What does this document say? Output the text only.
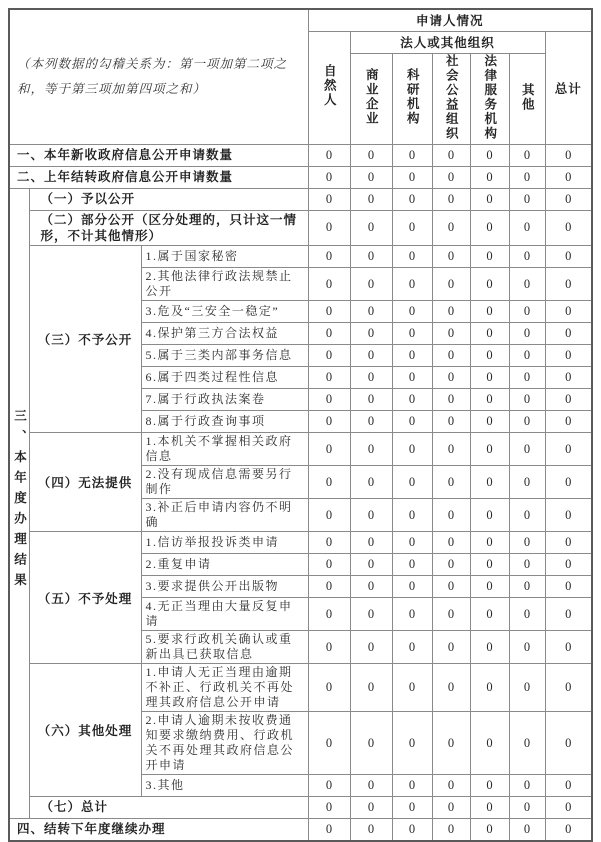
（本列数据的勾稽关系为：第一项加第二项之和，等于第三项加第四项之和）			申请人情况						
			自然人	法人或其他组织					总计
				商业企业	科研机构	社会公益组织	法律服务机构	其他	
一、本年新收政府信息公开申请数量			0	0	0	0	0	0	0
二、上年结转政府信息公开申请数量			0	0	0	0	0	0	0
三、本年度办理结果	（一）予以公开		0	0	0	0	0	0	0
	（二）部分公开（区分处理的，只计这一情形，不计其他情形）		0	0	0	0	0	0	0
	（三）不予公开	1.属于国家秘密	0	0	0	0	0	0	0
		2.其他法律行政法规禁止公开	0	0	0	0	0	0	0
		3.危及“三安全一稳定”	0	0	0	0	0	0	0
		4.保护第三方合法权益	0	0	0	0	0	0	0
		5.属于三类内部事务信息	0	0	0	0	0	0	0
		6.属于四类过程性信息	0	0	0	0	0	0	0
		7.属于行政执法案卷	0	0	0	0	0	0	0
		8.属于行政查询事项	0	0	0	0	0	0	0
	（四）无法提供	1.本机关不掌握相关政府信息	0	0	0	0	0	0	0
		2.没有现成信息需要另行制作	0	0	0	0	0	0	0
		3.补正后申请内容仍不明确	0	0	0	0	0	0	0
	（五）不予处理	1.信访举报投诉类申请	0	0	0	0	0	0	0
		2.重复申请	0	0	0	0	0	0	0
		3.要求提供公开出版物	0	0	0	0	0	0	0
		4.无正当理由大量反复申请	0	0	0	0	0	0	0
		5.要求行政机关确认或重新出具已获取信息	0	0	0	0	0	0	0
	（六）其他处理	1.申请人无正当理由逾期不补正、行政机关不再处理其政府信息公开申请	0	0	0	0	0	0	0
		2.申请人逾期未按收费通知要求缴纳费用、行政机关不再处理其政府信息公开申请	0	0	0	0	0	0	0
		3.其他	0	0	0	0	0	0	0
	（七）总计		0	0	0	0	0	0	0
四、结转下年度继续办理			0	0	0	0	0	0	0
